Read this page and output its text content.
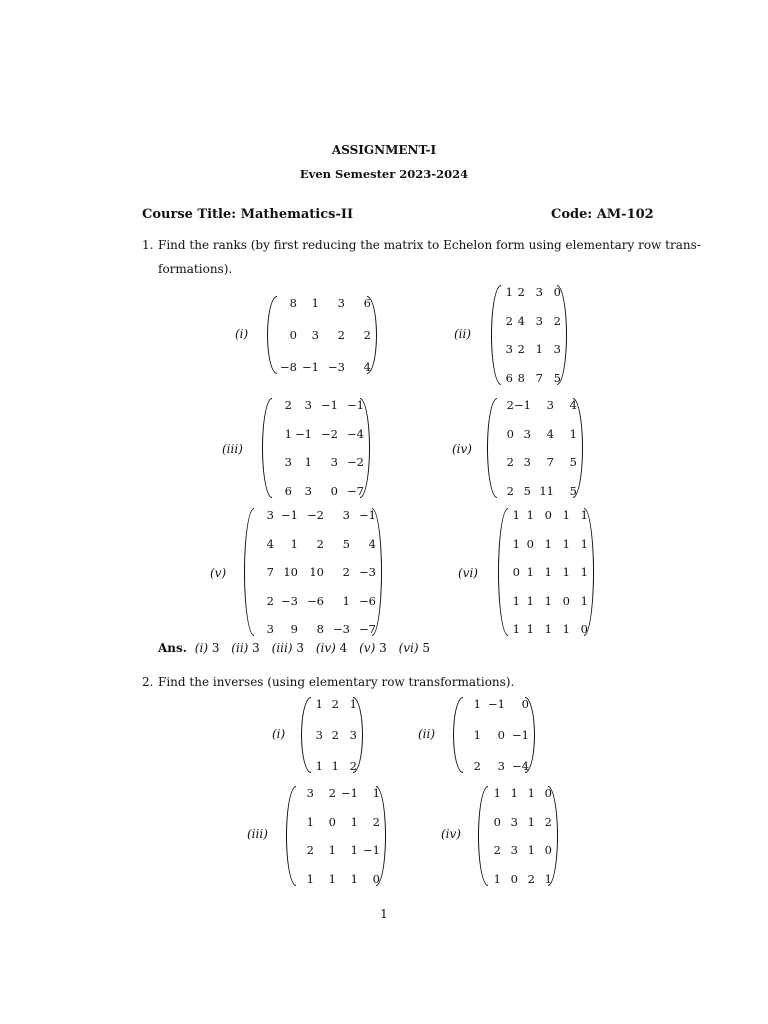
ASSIGNMENT-I
Even Semester 2023-2024
Course Title: Mathematics-II	Code: AM-102
1. Find the ranks (by first reducing the matrix to Echelon form using elementary row trans-
formations).
(i)
8	1	3	6
0	3	2	2
−8 −1 −3	4
(ii)
1 2 3 0
2 4 3 2
3 2 1 3
6 8 7 5
(iii)
2	3 −1 −1
1 −1 −2 −4
3	1	3 −2
6	3	0 −7
(iv)
2 −1	3	4
0 3	4	1
2 3	7	5
2 5 11	5
(v)
3 −1 −2	3 −1
4	1	2	5	4
7 10 10	2 −3
2 −3 −6	1 −6
3	9	8 −3 −7
(vi)
1 1 0 1 1
1 0 1 1 1
0 1 1 1 1
1 1 1 0 1
1 1 1 1 0
Ans. (i) 3 (ii) 3 (iii) 3 (iv) 4 (v) 3 (vi) 5
2. Find the inverses (using elementary row transformations).
(i)
1 2 1
3 2 3
1 1 2
(ii)
1 −1	0
1	0 −1
2	3 −4
(iii)
3	2 −1	1
1	0	1	2
2	1	1 −1
1	1	1	0
(iv)
1 1 1 0
0 3 1 2
2 3 1 0
1 0 2 1
1
